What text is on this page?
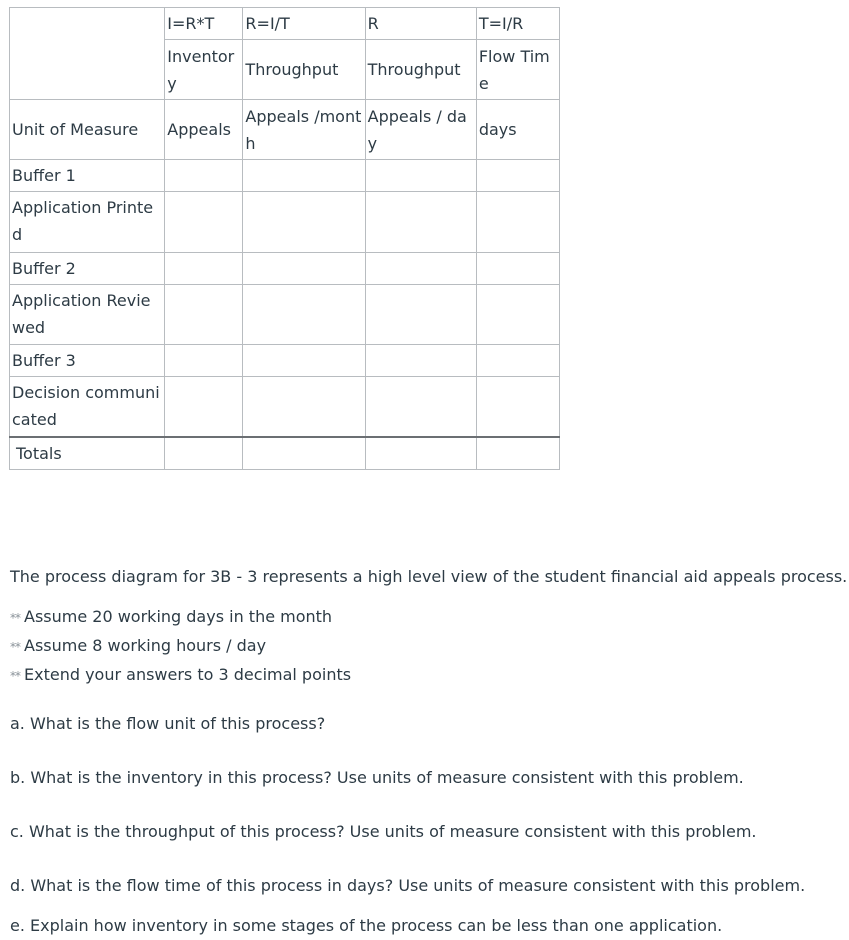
	I=R*T	R=I/T	R	T=I/R
	Inventory	Throughput	Throughput	Flow Time
Unit of Measure	Appeals	Appeals /month	Appeals / day	days
Buffer 1				
Application Printed				
Buffer 2				
Application Reviewed				
Buffer 3				
Decision communicated				
Totals				

The process diagram for 3B - 3 represents a high level view of the student financial aid appeals process.

** Assume 20 working days in the month
** Assume 8 working hours / day
** Extend your answers to 3 decimal points

a. What is the flow unit of this process?

b. What is the inventory in this process? Use units of measure consistent with this problem.

c. What is the throughput of this process? Use units of measure consistent with this problem.

d. What is the flow time of this process in days? Use units of measure consistent with this problem.

e. Explain how inventory in some stages of the process can be less than one application.
